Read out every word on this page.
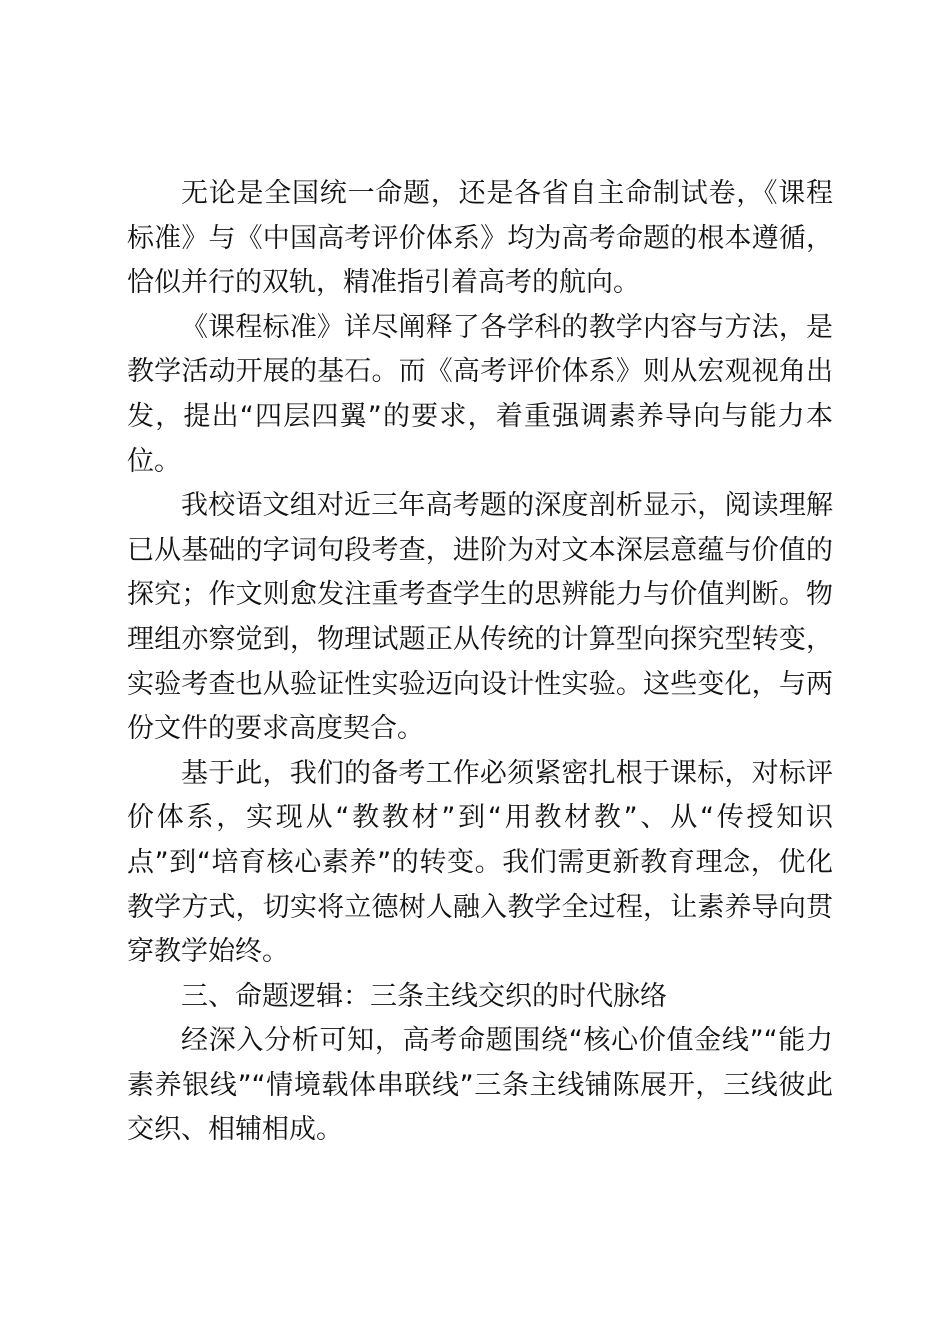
无论是全国统一命题，还是各省自主命制试卷，《课程标准》与《中国高考评价体系》均为高考命题的根本遵循，恰似并行的双轨，精准指引着高考的航向。

《课程标准》详尽阐释了各学科的教学内容与方法，是教学活动开展的基石。而《高考评价体系》则从宏观视角出发，提出“四层四翼”的要求，着重强调素养导向与能力本位。

我校语文组对近三年高考题的深度剖析显示，阅读理解已从基础的字词句段考查，进阶为对文本深层意蕴与价值的探究；作文则愈发注重考查学生的思辨能力与价值判断。物理组亦察觉到，物理试题正从传统的计算型向探究型转变，实验考查也从验证性实验迈向设计性实验。这些变化，与两份文件的要求高度契合。

基于此，我们的备考工作必须紧密扎根于课标，对标评价体系，实现从“教教材”到“用教材教”、从“传授知识点”到“培育核心素养”的转变。我们需更新教育理念，优化教学方式，切实将立德树人融入教学全过程，让素养导向贯穿教学始终。

三、命题逻辑：三条主线交织的时代脉络

经深入分析可知，高考命题围绕“核心价值金线”“能力素养银线”“情境载体串联线”三条主线铺陈展开，三线彼此交织、相辅相成。
